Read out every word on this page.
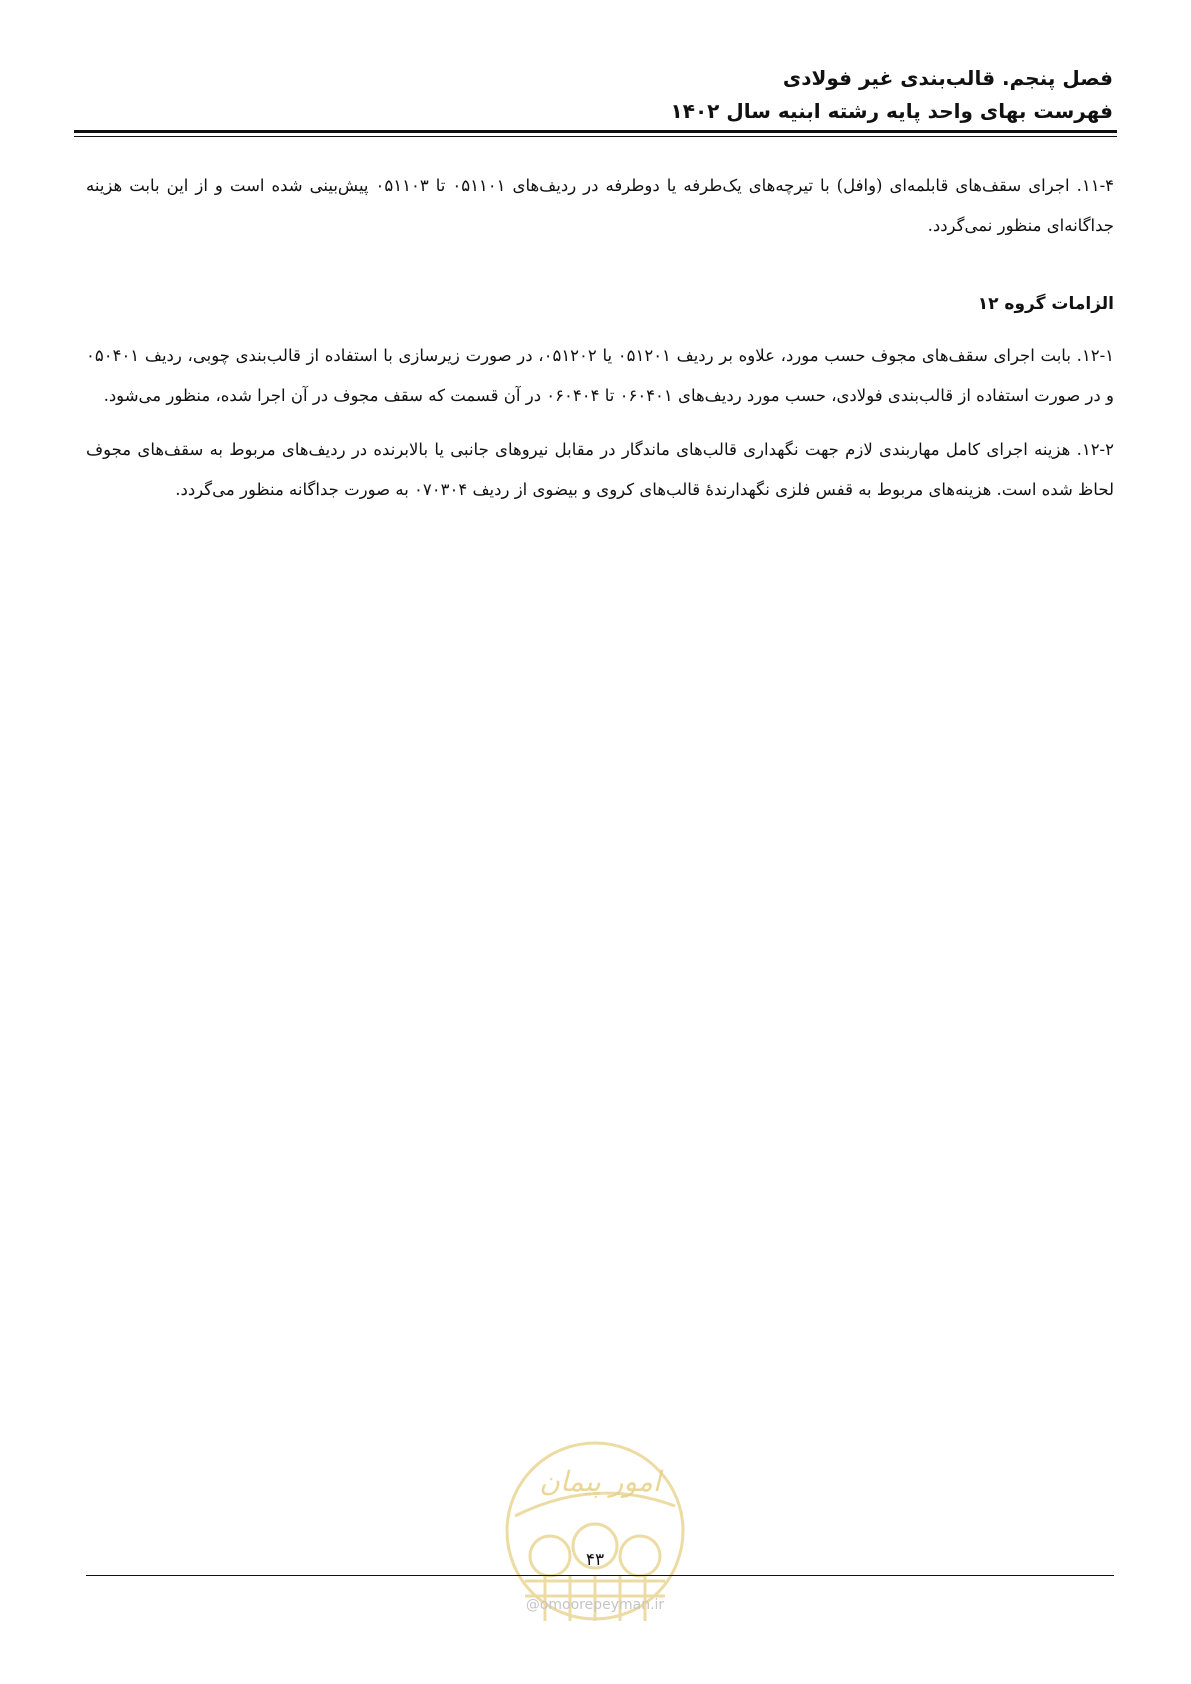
فصل پنجم. قالب‌بندی غیر فولادی
فهرست بهای واحد پایه رشته ابنیه سال ۱۴۰۲

۱۱-۴. اجرای سقف‌های قابلمه‌ای (وافل) با تیرچه‌های یک‌طرفه یا دوطرفه در ردیف‌های ۰۵۱۱۰۱ تا ۰۵۱۱۰۳ پیش‌بینی شده است و از این بابت هزینه جداگانه‌ای منظور نمی‌گردد.

الزامات گروه ۱۲

۱۲-۱. بابت اجرای سقف‌های مجوف حسب مورد، علاوه بر ردیف ۰۵۱۲۰۱ یا ۰۵۱۲۰۲، در صورت زیرسازی با استفاده از قالب‌بندی چوبی، ردیف ۰۵۰۴۰۱ و در صورت استفاده از قالب‌بندی فولادی، حسب مورد ردیف‌های ۰۶۰۴۰۱ تا ۰۶۰۴۰۴ در آن قسمت که سقف مجوف در آن اجرا شده، منظور می‌شود.

۱۲-۲. هزینه اجرای کامل مهاربندی لازم جهت نگهداری قالب‌های ماندگار در مقابل نیروهای جانبی یا بالابرنده در ردیف‌های مربوط به سقف‌های مجوف لحاظ شده است. هزینه‌های مربوط به قفس فلزی نگهدارندهٔ قالب‌های کروی و بیضوی از ردیف ۰۷۰۳۰۴ به صورت جداگانه منظور می‌گردد.

امور پیمان
۴۳
@omoorepeyman.ir
